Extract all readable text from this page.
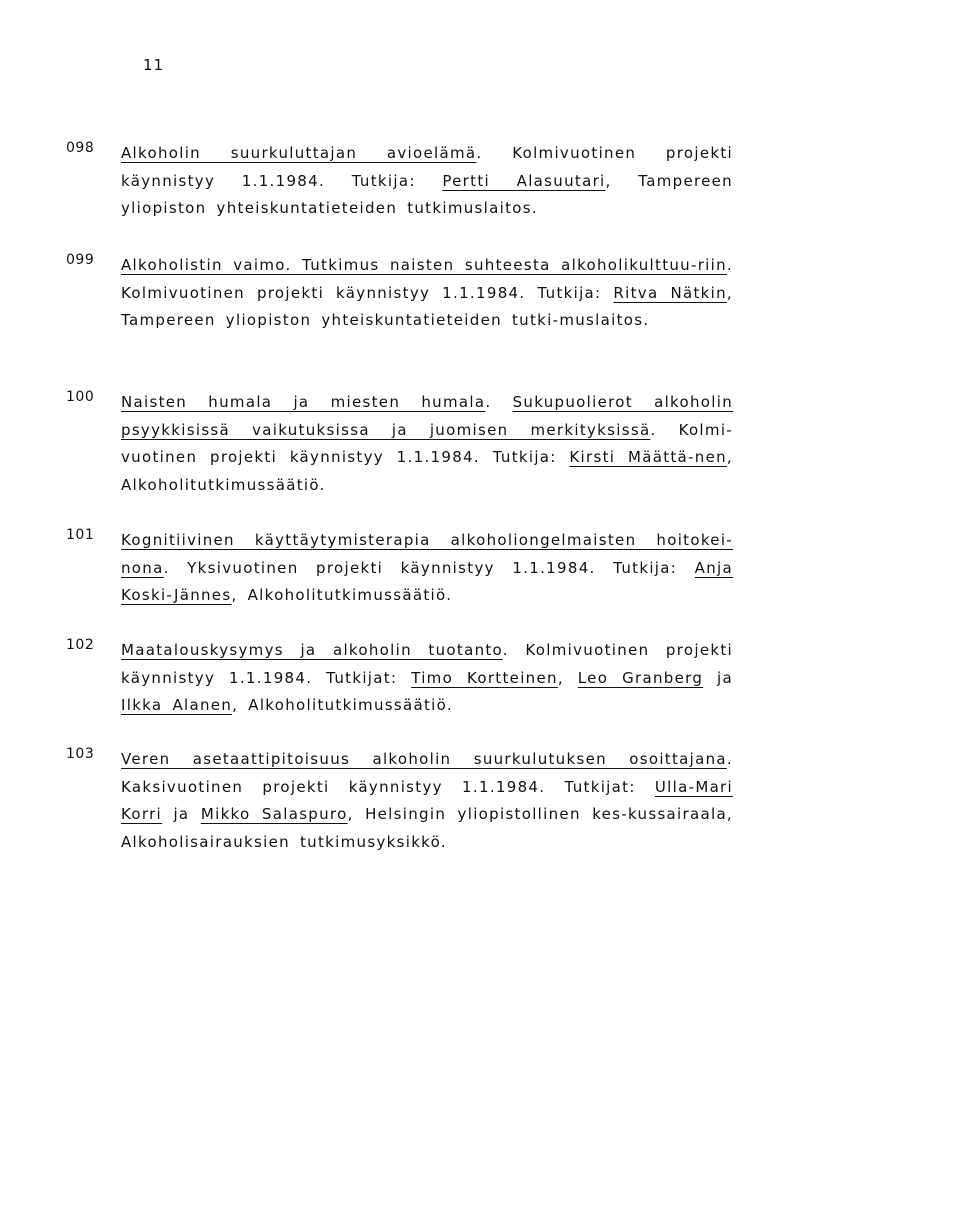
11
098 Alkoholin suurkuluttajan avioelämä. Kolmivuotinen projekti käynnistyy 1.1.1984. Tutkija: Pertti Alasuutari, Tampereen yliopiston yhteiskuntatieteiden tutkimuslaitos.
099 Alkoholistin vaimo. Tutkimus naisten suhteesta alkoholikulttuu-riin. Kolmivuotinen projekti käynnistyy 1.1.1984. Tutkija: Ritva Nätkin, Tampereen yliopiston yhteiskuntatieteiden tutki-muslaitos.
100 Naisten humala ja miesten humala. Sukupuolierot alkoholin psyykkisissä vaikutuksissa ja juomisen merkityksissä. Kolmi-vuotinen projekti käynnistyy 1.1.1984. Tutkija: Kirsti Määttä-nen, Alkoholitutkimussäätiö.
101 Kognitiivinen käyttäytymisterapia alkoholiongelmaisten hoitokei-nona. Yksivuotinen projekti käynnistyy 1.1.1984. Tutkija: Anja Koski-Jännes, Alkoholitutkimussäätiö.
102 Maatalouskysymys ja alkoholin tuotanto. Kolmivuotinen projekti käynnistyy 1.1.1984. Tutkijat: Timo Kortteinen, Leo Granberg ja Ilkka Alanen, Alkoholitutkimussäätiö.
103 Veren asetaattipitoisuus alkoholin suurkulutuksen osoittajana. Kaksivuotinen projekti käynnistyy 1.1.1984. Tutkijat: Ulla-Mari Korri ja Mikko Salaspuro, Helsingin yliopistollinen kes-kussairaala, Alkoholisairauksien tutkimusyksikkö.
